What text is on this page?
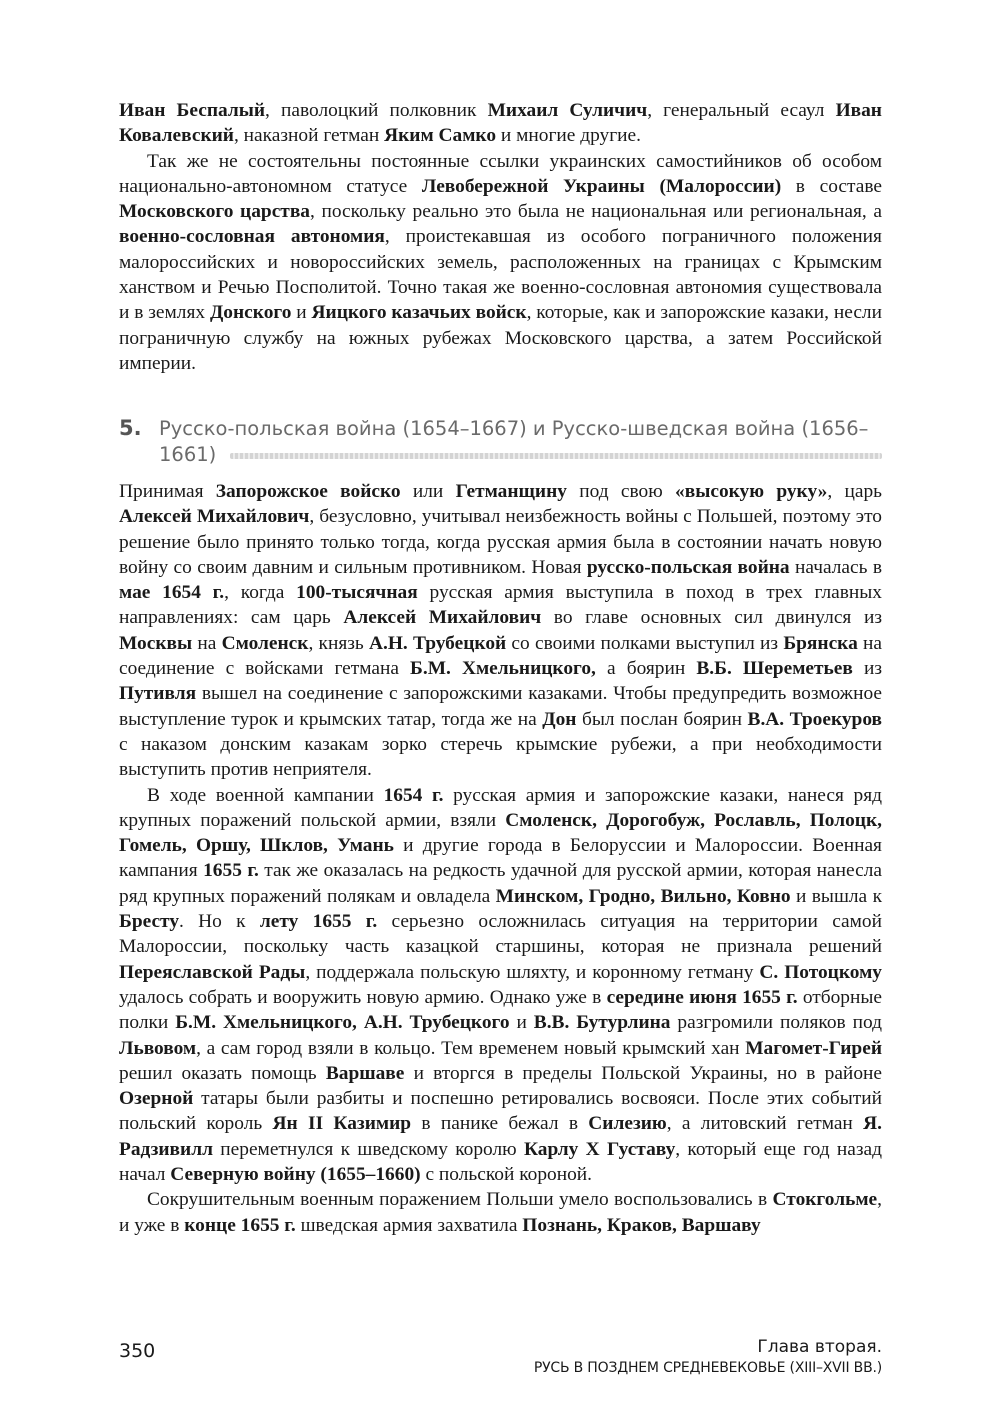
Иван Беспалый, паволоцкий полковник Михаил Суличич, генеральный есаул Иван Ковалевский, наказной гетман Яким Самко и многие другие.

Так же не состоятельны постоянные ссылки украинских самостийников об особом национально-автономном статусе Левобережной Украины (Малороссии) в составе Московского царства, поскольку реально это была не национальная или региональная, а военно-сословная автономия, проистекавшая из особого пограничного положения малороссийских и новороссийских земель, расположенных на границах с Крымским ханством и Речью Посполитой. Точно такая же военно-сословная автономия существовала и в землях Донского и Яицкого казачьих войск, которые, как и запорожские казаки, несли пограничную службу на южных рубежах Московского царства, а затем Российской империи.

5. Русско-польская война (1654–1667) и Русско-шведская война (1656–
1661)

Принимая Запорожское войско или Гетманщину под свою «высокую руку», царь Алексей Михайлович, безусловно, учитывал неизбежность войны с Польшей, поэтому это решение было принято только тогда, когда русская армия была в состоянии начать новую войну со своим давним и сильным противником. Новая русско-польская война началась в мае 1654 г., когда 100-тысячная русская армия выступила в поход в трех главных направлениях: сам царь Алексей Михайлович во главе основных сил двинулся из Москвы на Смоленск, князь А.Н. Трубецкой со своими полками выступил из Брянска на соединение с войсками гетмана Б.М. Хмельницкого, а боярин В.Б. Шереметьев из Путивля вышел на соединение с запорожскими казаками. Чтобы предупредить возможное выступление турок и крымских татар, тогда же на Дон был послан боярин В.А. Троекуров с наказом донским казакам зорко стеречь крымские рубежи, а при необходимости выступить против неприятеля.

В ходе военной кампании 1654 г. русская армия и запорожские казаки, нанеся ряд крупных поражений польской армии, взяли Смоленск, Дорогобуж, Рославль, Полоцк, Гомель, Оршу, Шклов, Умань и другие города в Белоруссии и Малороссии. Военная кампания 1655 г. так же оказалась на редкость удачной для русской армии, которая нанесла ряд крупных поражений полякам и овладела Минском, Гродно, Вильно, Ковно и вышла к Бресту. Но к лету 1655 г. серьезно осложнилась ситуация на территории самой Малороссии, поскольку часть казацкой старшины, которая не признала решений Переяславской Рады, поддержала польскую шляхту, и коронному гетману С. Потоцкому удалось собрать и вооружить новую армию. Однако уже в середине июня 1655 г. отборные полки Б.М. Хмельницкого, А.Н. Трубецкого и В.В. Бутурлина разгромили поляков под Львовом, а сам город взяли в кольцо. Тем временем новый крымский хан Магомет-Гирей решил оказать помощь Варшаве и вторгся в пределы Польской Украины, но в районе Озерной татары были разбиты и поспешно ретировались восвояси. После этих событий польский король Ян II Казимир в панике бежал в Силезию, а литовский гетман Я. Радзивилл переметнулся к шведскому королю Карлу X Густаву, который еще год назад начал Северную войну (1655–1660) с польской короной.

Сокрушительным военным поражением Польши умело воспользовались в Стокгольме, и уже в конце 1655 г. шведская армия захватила Познань, Краков, Варшаву

350	Глава вторая.
РУСЬ В ПОЗДНЕМ СРЕДНЕВЕКОВЬЕ (XIII–XVII ВВ.)
